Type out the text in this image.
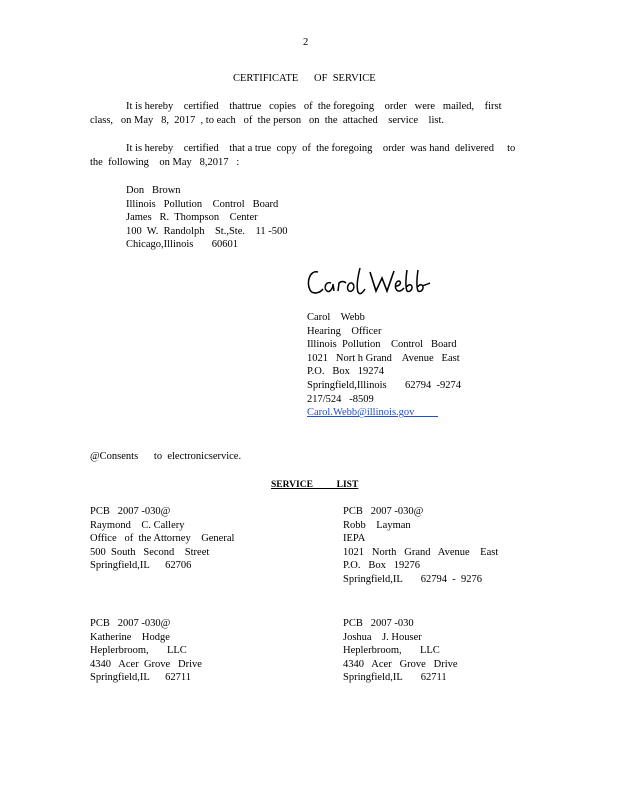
2
CERTIFICATE      OF  SERVICE
It is hereby    certified    thattrue   copies   of  the foregoing    order   were   mailed,    first
class,   on May   8,  2017  , to each   of  the person   on  the  attached    service    list.
It is hereby    certified    that a true  copy  of  the foregoing    order  was hand  delivered     to
the  following    on May   8,2017   :
Don   Brown
Illinois   Pollution    Control   Board
James   R.  Thompson    Center
100  W.  Randolph    St.,Ste.    11 -500
Chicago,Illinois       60601
Carol    Webb
Hearing    Officer
Illinois  Pollution    Control   Board
1021   Nort h Grand    Avenue   East
P.O.   Box   19274
Springfield,Illinois       62794  -9274
217/524   -8509
Carol.Webb@illinois.gov
@Consents      to  electronicservice.
SERVICE          LIST
PCB   2007 -030@
Raymond    C. Callery
Office   of  the Attorney    General
500  South   Second    Street
Springfield,IL      62706
PCB   2007 -030@
Robb    Layman
IEPA
1021   North   Grand   Avenue    East
P.O.   Box   19276
Springfield,IL       62794  -  9276
PCB   2007 -030@
Katherine    Hodge
Heplerbroom,       LLC
4340   Acer  Grove   Drive
Springfield,IL      62711
PCB   2007 -030
Joshua    J. Houser
Heplerbroom,       LLC
4340   Acer   Grove   Drive
Springfield,IL       62711
